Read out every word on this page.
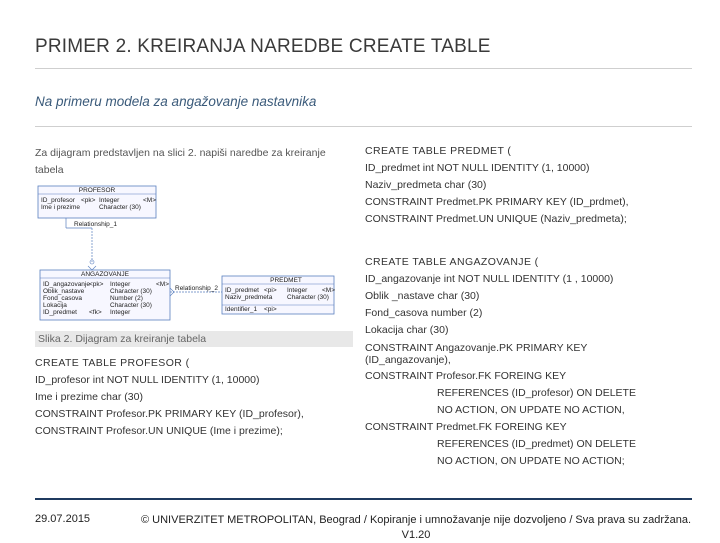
PRIMER 2. KREIRANJA NAREDBE CREATE TABLE
Na primeru modela za angažovanje nastavnika
Za dijagram predstavljen na slici 2. napiši naredbe za kreiranje tabela
PROFESOR
ID_profesor <pk> Integer	<M>
Ime i prezime	Character (30)
Relationship_1
ANGAZOVANJE
ID_angazovanje <pk> Integer	<M>
Oblik_nastave	Character (30)
Fond_casova	Number (2)
Lokacija	Character (30)
ID_predmet <fk> Integer
Relationship_2
PREDMET
ID_predmet <pi> Integer <M>
Naziv_predmeta Character (30)
Identifier_1 <pi>
Slika 2. Dijagram za kreiranje tabela
CREATE TABLE PROFESOR (
ID_profesor int NOT NULL IDENTITY (1, 10000)
Ime i prezime char (30)
CONSTRAINT Profesor.PK PRIMARY KEY (ID_profesor),
CONSTRAINT Profesor.UN UNIQUE (Ime i prezime);
CREATE TABLE PREDMET (
ID_predmet int NOT NULL IDENTITY (1, 10000)
Naziv_predmeta char (30)
CONSTRAINT Predmet.PK PRIMARY KEY (ID_prdmet),
CONSTRAINT Predmet.UN UNIQUE (Naziv_predmeta);
CREATE TABLE ANGAZOVANJE (
ID_angazovanje int NOT NULL IDENTITY (1 , 10000)
Oblik _nastave char (30)
Fond_casova number (2)
Lokacija char (30)
CONSTRAINT Angazovanje.PK PRIMARY KEY
(ID_angazovanje),
CONSTRAINT Profesor.FK FOREING KEY
REFERENCES (ID_profesor) ON DELETE
NO ACTION, ON UPDATE NO ACTION,
CONSTRAINT Predmet.FK FOREING KEY
REFERENCES (ID_predmet) ON DELETE
NO ACTION, ON UPDATE NO ACTION;
29.07.2015	© UNIVERZITET METROPOLITAN, Beograd / Kopiranje i umnožavanje nije dozvoljeno / Sva prava su zadržana.
V1.20
